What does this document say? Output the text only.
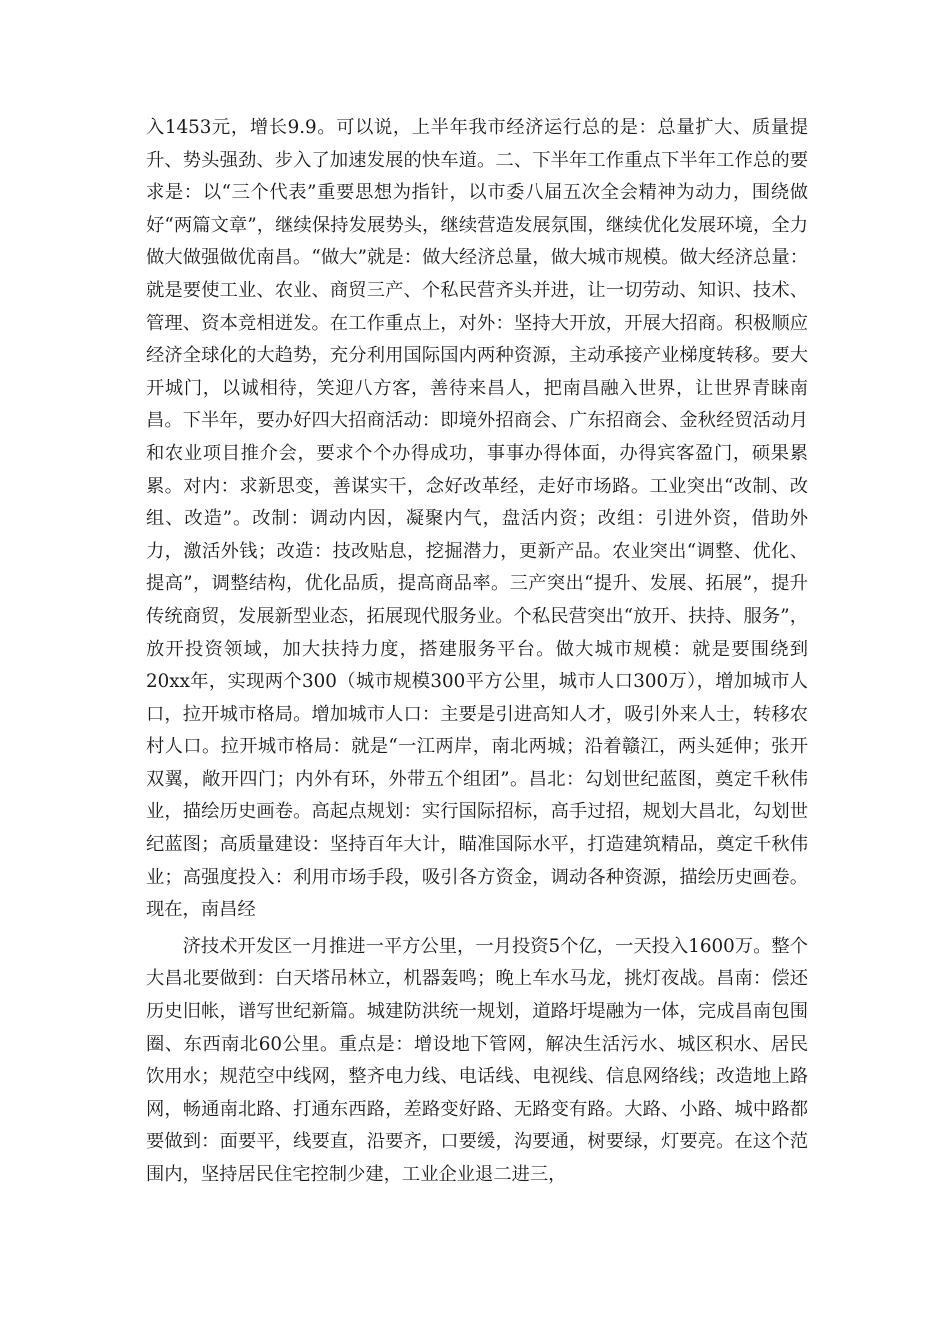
入1453元，增长9.9。可以说，上半年我市经济运行总的是：总量扩大、质量提升、势头强劲、步入了加速发展的快车道。二、下半年工作重点下半年工作总的要求是：以“三个代表”重要思想为指针，以市委八届五次全会精神为动力，围绕做好“两篇文章”，继续保持发展势头，继续营造发展氛围，继续优化发展环境，全力做大做强做优南昌。“做大”就是：做大经济总量，做大城市规模。做大经济总量：就是要使工业、农业、商贸三产、个私民营齐头并进，让一切劳动、知识、技术、管理、资本竞相迸发。在工作重点上，对外：坚持大开放，开展大招商。积极顺应经济全球化的大趋势，充分利用国际国内两种资源，主动承接产业梯度转移。要大开城门，以诚相待，笑迎八方客，善待来昌人，把南昌融入世界，让世界青睐南昌。下半年，要办好四大招商活动：即境外招商会、广东招商会、金秋经贸活动月和农业项目推介会，要求个个办得成功，事事办得体面，办得宾客盈门，硕果累累。对内：求新思变，善谋实干，念好改革经，走好市场路。工业突出“改制、改组、改造”。改制：调动内因，凝聚内气，盘活内资；改组：引进外资，借助外力，激活外钱；改造：技改贴息，挖掘潜力，更新产品。农业突出“调整、优化、提高”，调整结构，优化品质，提高商品率。三产突出“提升、发展、拓展”，提升传统商贸，发展新型业态，拓展现代服务业。个私民营突出“放开、扶持、服务”，放开投资领域，加大扶持力度，搭建服务平台。做大城市规模：就是要围绕到20xx年，实现两个300（城市规模300平方公里，城市人口300万），增加城市人口，拉开城市格局。增加城市人口：主要是引进高知人才，吸引外来人士，转移农村人口。拉开城市格局：就是“一江两岸，南北两城；沿着赣江，两头延伸；张开双翼，敞开四门；内外有环，外带五个组团”。昌北：勾划世纪蓝图，奠定千秋伟业，描绘历史画卷。高起点规划：实行国际招标，高手过招，规划大昌北，勾划世纪蓝图；高质量建设：坚持百年大计，瞄准国际水平，打造建筑精品，奠定千秋伟业；高强度投入：利用市场手段，吸引各方资金，调动各种资源，描绘历史画卷。现在，南昌经

济技术开发区一月推进一平方公里，一月投资5个亿，一天投入1600万。整个大昌北要做到：白天塔吊林立，机器轰鸣；晚上车水马龙，挑灯夜战。昌南：偿还历史旧帐，谱写世纪新篇。城建防洪统一规划，道路圩堤融为一体，完成昌南包围圈、东西南北60公里。重点是：增设地下管网，解决生活污水、城区积水、居民饮用水；规范空中线网，整齐电力线、电话线、电视线、信息网络线；改造地上路网，畅通南北路、打通东西路，差路变好路、无路变有路。大路、小路、城中路都要做到：面要平，线要直，沿要齐，口要缓，沟要通，树要绿，灯要亮。在这个范围内，坚持居民住宅控制少建，工业企业退二进三，
